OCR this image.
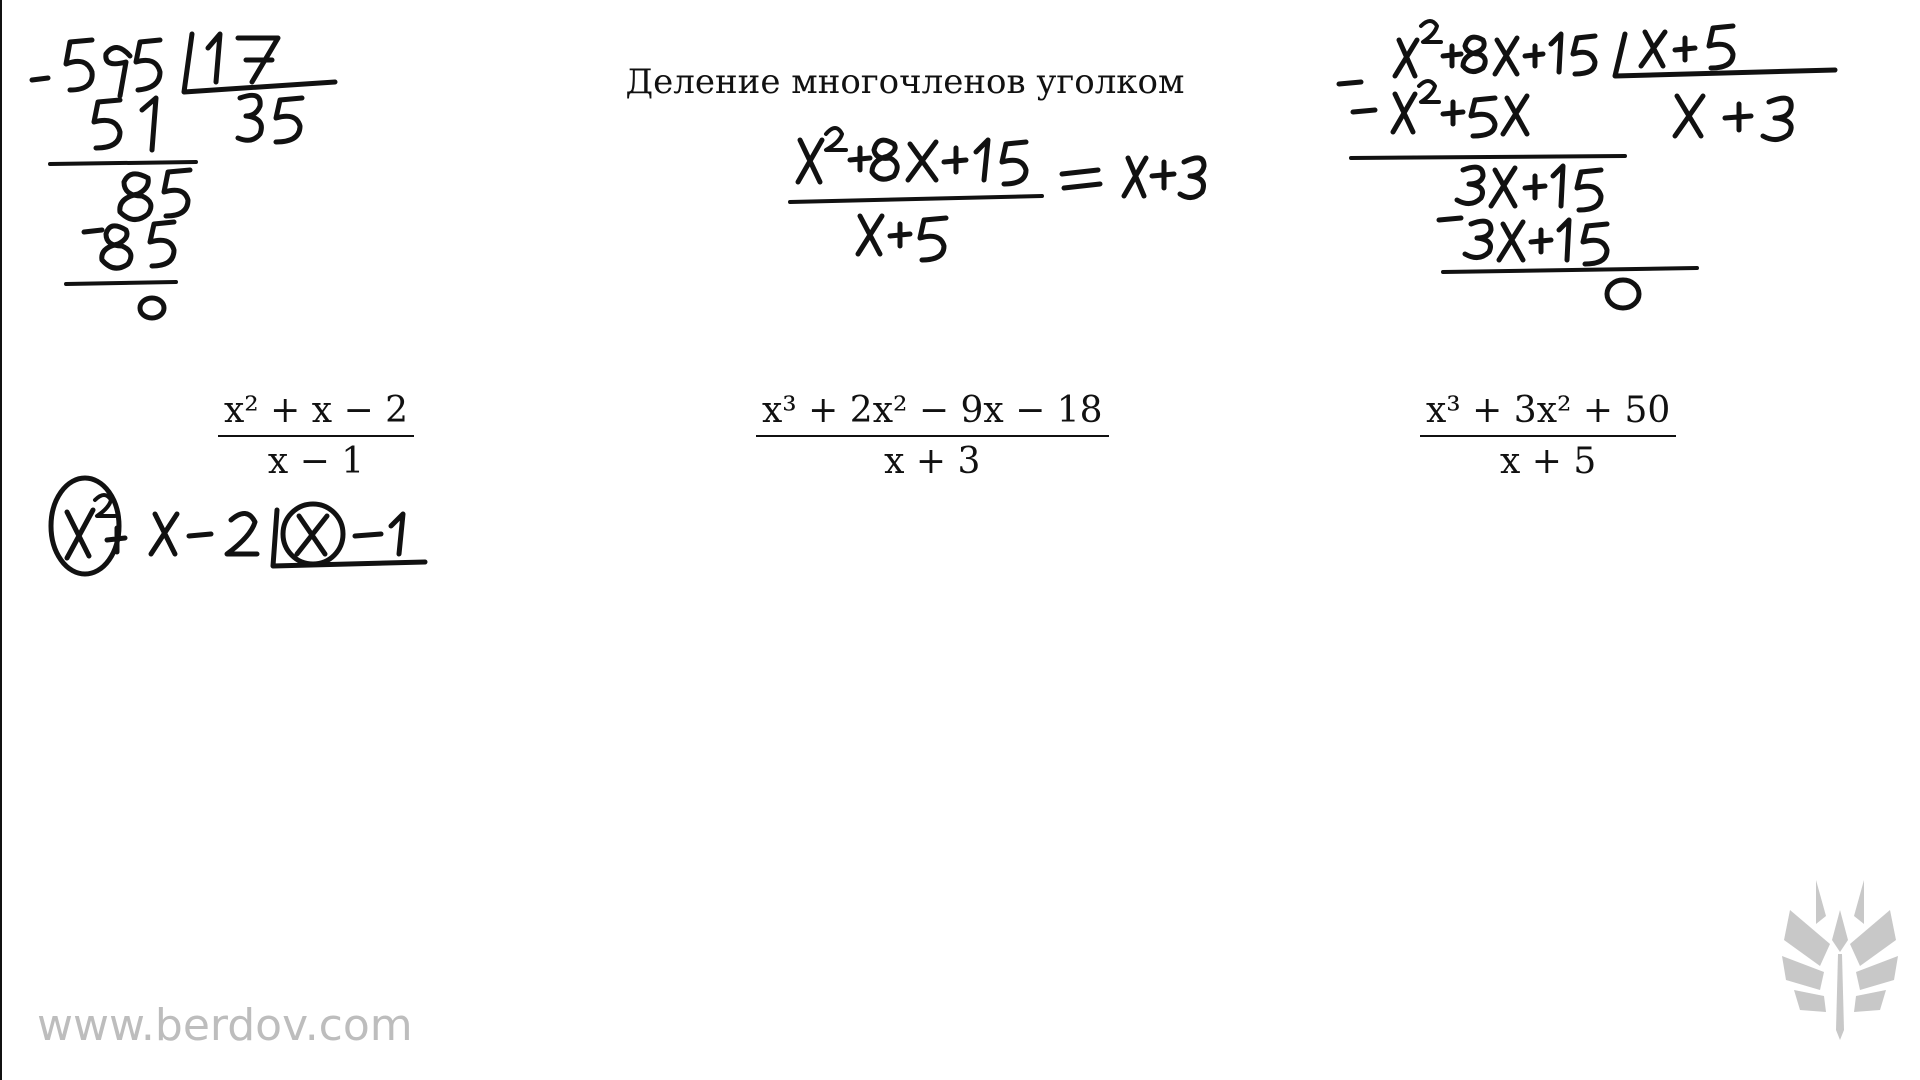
Деление многочленов уголком
x² + x − 2
x − 1
x³ + 2x² − 9x − 18
x + 3
x³ + 3x² + 50
x + 5
www.berdov.com
